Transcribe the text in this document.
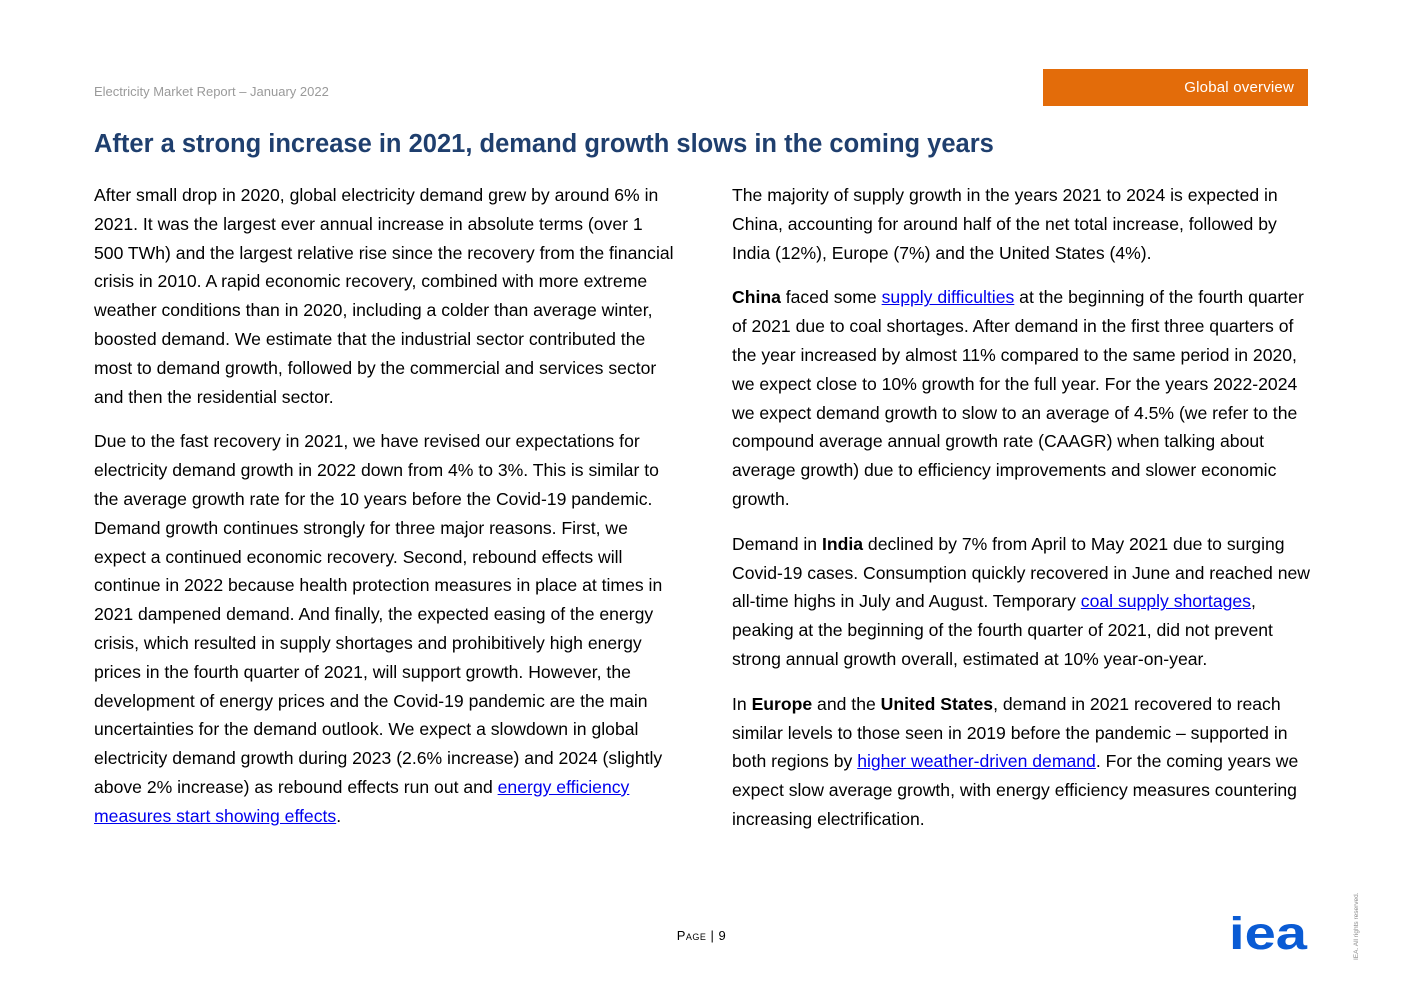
Electricity Market Report – January 2022	Global overview
After a strong increase in 2021, demand growth slows in the coming years

After small drop in 2020, global electricity demand grew by around 6% in 2021. It was the largest ever annual increase in absolute terms (over 1 500 TWh) and the largest relative rise since the recovery from the financial crisis in 2010. A rapid economic recovery, combined with more extreme weather conditions than in 2020, including a colder than average winter, boosted demand. We estimate that the industrial sector contributed the most to demand growth, followed by the commercial and services sector and then the residential sector.

Due to the fast recovery in 2021, we have revised our expectations for electricity demand growth in 2022 down from 4% to 3%. This is similar to the average growth rate for the 10 years before the Covid-19 pandemic. Demand growth continues strongly for three major reasons. First, we expect a continued economic recovery. Second, rebound effects will continue in 2022 because health protection measures in place at times in 2021 dampened demand. And finally, the expected easing of the energy crisis, which resulted in supply shortages and prohibitively high energy prices in the fourth quarter of 2021, will support growth. However, the development of energy prices and the Covid-19 pandemic are the main uncertainties for the demand outlook. We expect a slowdown in global electricity demand growth during 2023 (2.6% increase) and 2024 (slightly above 2% increase) as rebound effects run out and energy efficiency measures start showing effects.

The majority of supply growth in the years 2021 to 2024 is expected in China, accounting for around half of the net total increase, followed by India (12%), Europe (7%) and the United States (4%).

China faced some supply difficulties at the beginning of the fourth quarter of 2021 due to coal shortages. After demand in the first three quarters of the year increased by almost 11% compared to the same period in 2020, we expect close to 10% growth for the full year. For the years 2022-2024 we expect demand growth to slow to an average of 4.5% (we refer to the compound average annual growth rate (CAAGR) when talking about average growth) due to efficiency improvements and slower economic growth.

Demand in India declined by 7% from April to May 2021 due to surging Covid-19 cases. Consumption quickly recovered in June and reached new all-time highs in July and August. Temporary coal supply shortages, peaking at the beginning of the fourth quarter of 2021, did not prevent strong annual growth overall, estimated at 10% year-on-year.

In Europe and the United States, demand in 2021 recovered to reach similar levels to those seen in 2019 before the pandemic – supported in both regions by higher weather-driven demand. For the coming years we expect slow average growth, with energy efficiency measures countering increasing electrification.

Page | 9	iea	IEA. All rights reserved.
